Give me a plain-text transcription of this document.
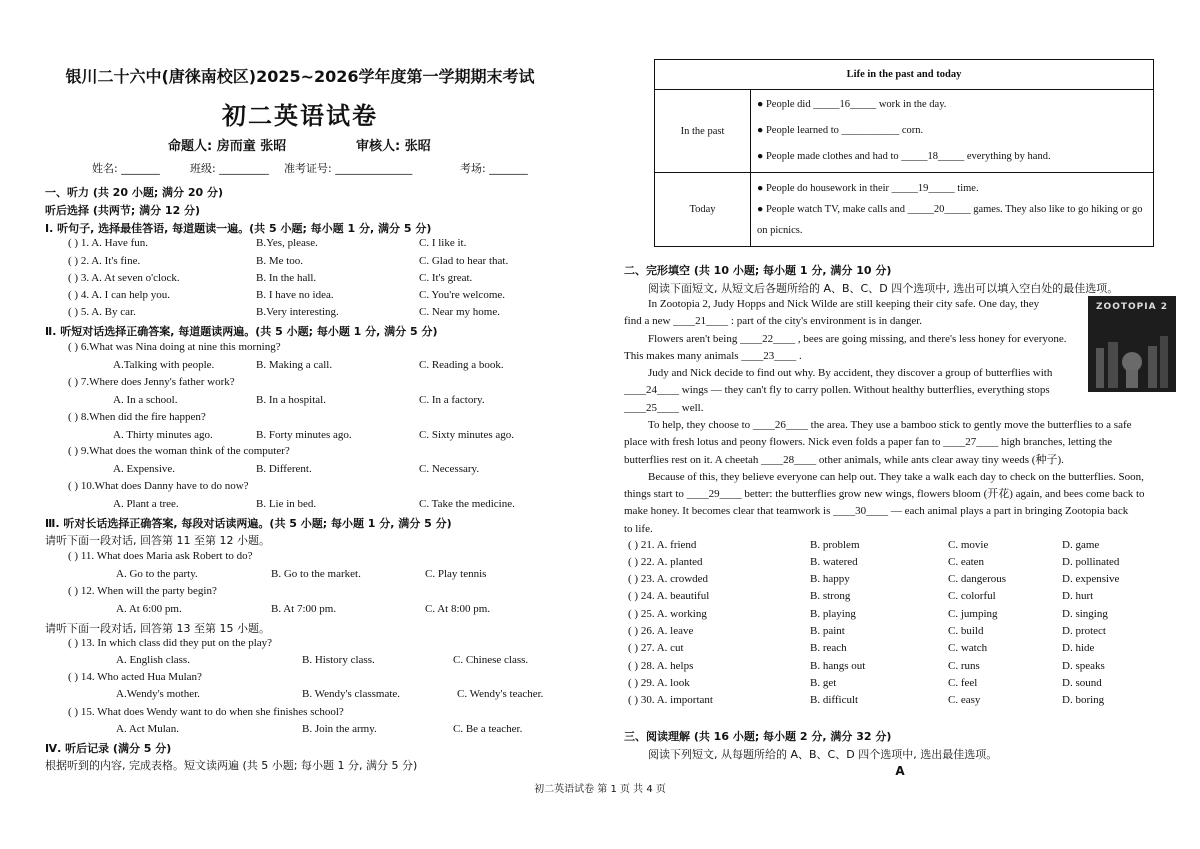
银川二十六中(唐徕南校区)2025~2026学年度第一学期期末考试
初二英语试卷
命题人: 房而童 张昭	审核人: 张昭
姓名: _______	班级: _________ 准考证号: ______________	考场: _______
一、听力 (共 20 小题; 满分 20 分)
听后选择 (共两节; 满分 12 分)
Ⅰ. 听句子, 选择最佳答语, 每道题读一遍。(共 5 小题; 每小题 1 分, 满分 5 分)
( ) 1. A. Have fun.	B.Yes, please.	C. I like it.
( ) 2. A. It's fine.	B. Me too.	C. Glad to hear that.
( ) 3. A. At seven o'clock.	B. In the hall.	C. It's great.
( ) 4. A. I can help you.	B. I have no idea.	C. You're welcome.
( ) 5. A. By car.	B.Very interesting.	C. Near my home.
Ⅱ. 听短对话选择正确答案, 每道题读两遍。(共 5 小题; 每小题 1 分, 满分 5 分)
( ) 6.What was Nina doing at nine this morning?
A.Talking with people.	B. Making a call.	C. Reading a book.
( ) 7.Where does Jenny's father work?
A. In a school.	B. In a hospital.	C. In a factory.
( ) 8.When did the fire happen?
A. Thirty minutes ago.	B. Forty minutes ago.	C. Sixty minutes ago.
( ) 9.What does the woman think of the computer?
A. Expensive.	B. Different.	C. Necessary.
( ) 10.What does Danny have to do now?
A. Plant a tree.	B. Lie in bed.	C. Take the medicine.
Ⅲ. 听对长话选择正确答案, 每段对话读两遍。(共 5 小题; 每小题 1 分, 满分 5 分)
请听下面一段对话, 回答第 11 至第 12 小题。
( ) 11. What does Maria ask Robert to do?
A. Go to the party.	B. Go to the market.	C. Play tennis
( ) 12. When will the party begin?
A. At 6:00 pm.	B. At 7:00 pm.	C. At 8:00 pm.
请听下面一段对话, 回答第 13 至第 15 小题。
( ) 13. In which class did they put on the play?
A. English class.	B. History class.	C. Chinese class.
( ) 14. Who acted Hua Mulan?
A.Wendy's mother.	B. Wendy's classmate.	C. Wendy's teacher.
( ) 15. What does Wendy want to do when she finishes school?
A. Act Mulan.	B. Join the army.	C. Be a teacher.
Ⅳ. 听后记录 (满分 5 分)
根据听到的内容, 完成表格。短文读两遍 (共 5 小题; 每小题 1 分, 满分 5 分)
初二英语试卷 第 1 页 共 4 页
Life in the past and today	
In the past	● People did _____16_____ work in the day.
● People learned to ___________ corn.
● People made clothes and had to _____18_____ everything by hand.

Today	● People do housework in their _____19_____ time.
● People watch TV, make calls and _____20_____ games. They also like to go hiking or go on picnics.
二、完形填空 (共 10 小题; 每小题 1 分, 满分 10 分)
阅读下面短文, 从短文后各题所给的 A、B、C、D 四个选项中, 选出可以填入空白处的最佳选项。
ZOOTOPIA 2
In Zootopia 2, Judy Hopps and Nick Wilde are still keeping their city safe. One day, they
find a new ____21____ : part of the city's environment is in danger.
Flowers aren't being ____22____ , bees are going missing, and there's less honey for everyone.
This makes many animals ____23____ .
Judy and Nick decide to find out why. By accident, they discover a group of butterflies with
____24____ wings — they can't fly to carry pollen. Without healthy butterflies, everything stops
____25____ well.
To help, they choose to ____26____ the area. They use a bamboo stick to gently move the butterflies to a safe
place with fresh lotus and peony flowers. Nick even folds a paper fan to ____27____ high branches, letting the
butterflies rest on it. A cheetah ____28____ other animals, while ants clear away tiny weeds (种子).
Because of this, they believe everyone can help out. They take a walk each day to check on the butterflies. Soon,
things start to ____29____ better: the butterflies grow new wings, flowers bloom (开花) again, and bees come back to
make honey. It becomes clear that teamwork is ____30____ — each animal plays a part in bringing Zootopia back
to life.
( ) 21. A. friend	B. problem	C. movie	D. game
( ) 22. A. planted	B. watered	C. eaten	D. pollinated
( ) 23. A. crowded	B. happy	C. dangerous	D. expensive
( ) 24. A. beautiful	B. strong	C. colorful	D. hurt
( ) 25. A. working	B. playing	C. jumping	D. singing
( ) 26. A. leave	B. paint	C. build	D. protect
( ) 27. A. cut	B. reach	C. watch	D. hide
( ) 28. A. helps	B. hangs out	C. runs	D. speaks
( ) 29. A. look	B. get	C. feel	D. sound
( ) 30. A. important	B. difficult	C. easy	D. boring
三、阅读理解 (共 16 小题; 每小题 2 分, 满分 32 分)
阅读下列短文, 从每题所给的 A、B、C、D 四个选项中, 选出最佳选项。
A
